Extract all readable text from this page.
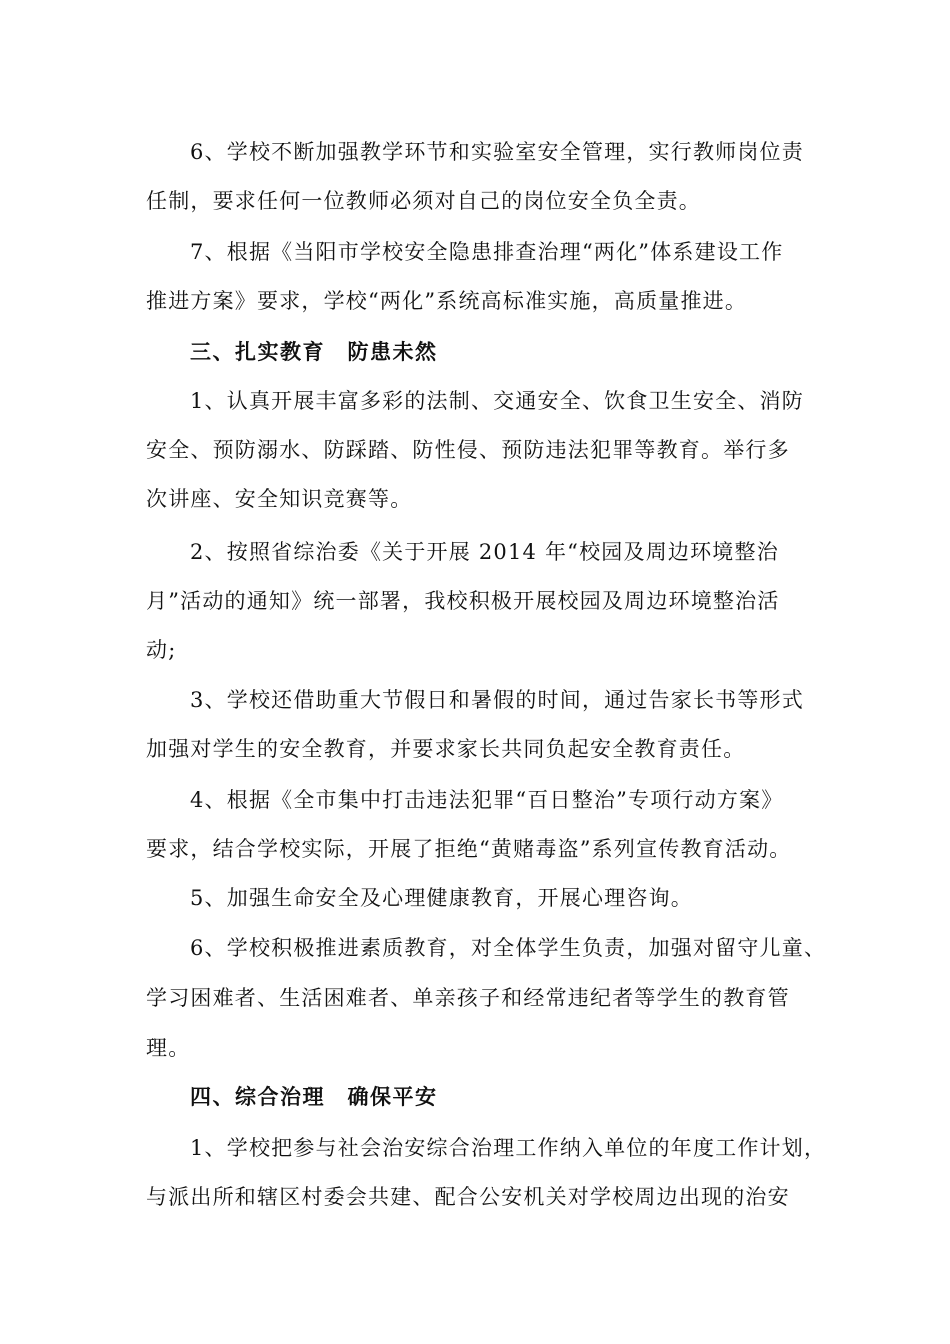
6、学校不断加强教学环节和实验室安全管理，实行教师岗位责
任制，要求任何一位教师必须对自己的岗位安全负全责。
7、根据《当阳市学校安全隐患排查治理“两化”体系建设工作
推进方案》要求，学校“两化”系统高标准实施，高质量推进。
三、扎实教育　防患未然
1、认真开展丰富多彩的法制、交通安全、饮食卫生安全、消防
安全、预防溺水、防踩踏、防性侵、预防违法犯罪等教育。举行多
次讲座、安全知识竞赛等。
2、按照省综治委《关于开展 2014 年“校园及周边环境整治
月”活动的通知》统一部署，我校积极开展校园及周边环境整治活
动;
3、学校还借助重大节假日和暑假的时间，通过告家长书等形式
加强对学生的安全教育，并要求家长共同负起安全教育责任。
4、根据《全市集中打击违法犯罪“百日整治”专项行动方案》
要求，结合学校实际，开展了拒绝“黄赌毒盗”系列宣传教育活动。
5、加强生命安全及心理健康教育，开展心理咨询。
6、学校积极推进素质教育，对全体学生负责，加强对留守儿童、
学习困难者、生活困难者、单亲孩子和经常违纪者等学生的教育管
理。
四、综合治理　确保平安
1、学校把参与社会治安综合治理工作纳入单位的年度工作计划，
与派出所和辖区村委会共建、配合公安机关对学校周边出现的治安
